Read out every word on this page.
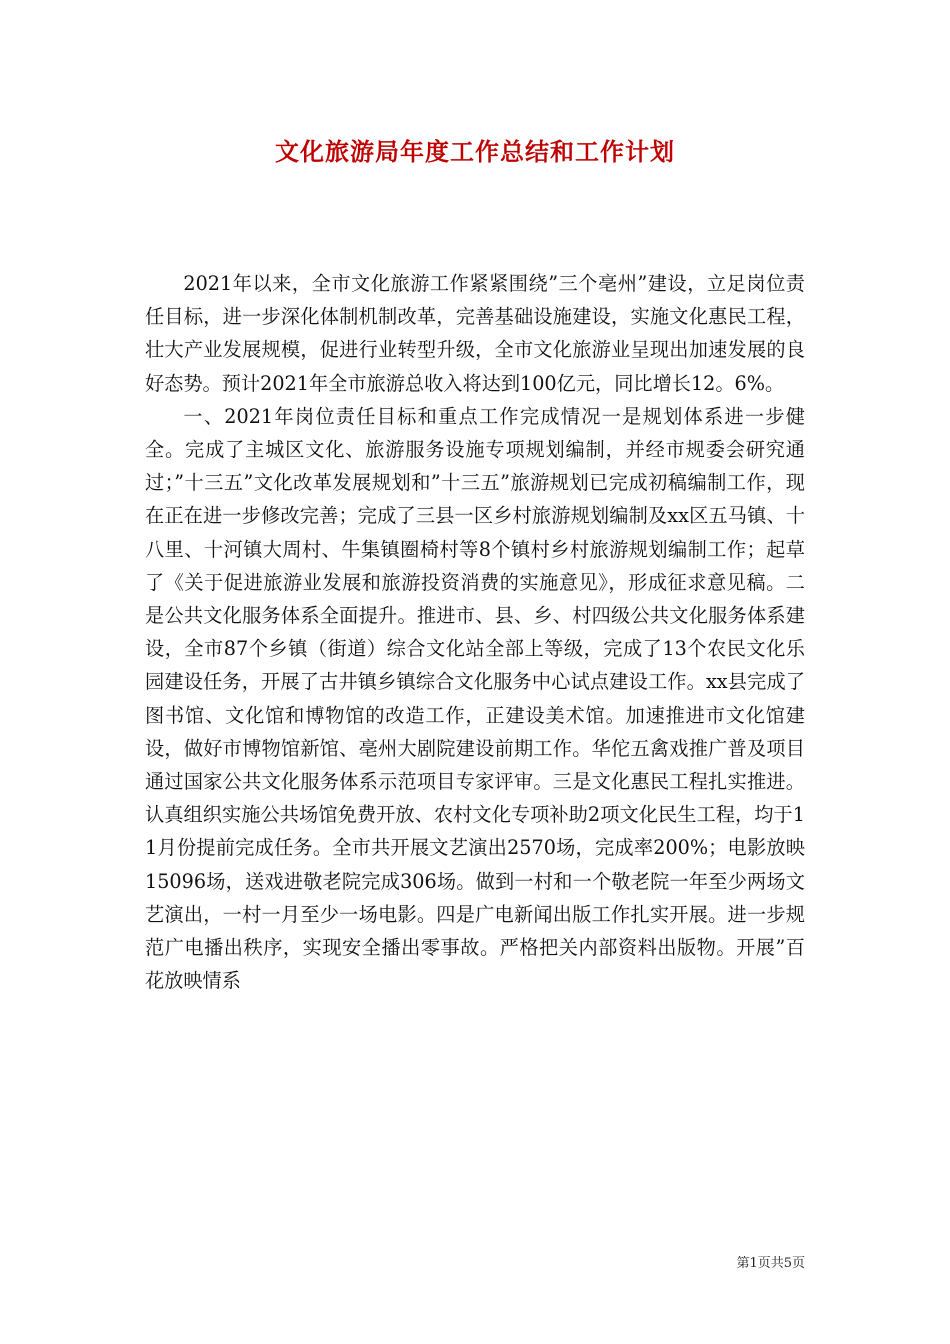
文化旅游局年度工作总结和工作计划

2021年以来，全市文化旅游工作紧紧围绕”三个亳州”建设，立足岗位责任目标，进一步深化体制机制改革，完善基础设施建设，实施文化惠民工程，壮大产业发展规模，促进行业转型升级，全市文化旅游业呈现出加速发展的良好态势。预计2021年全市旅游总收入将达到100亿元，同比增长12。6%。

一、2021年岗位责任目标和重点工作完成情况一是规划体系进一步健全。完成了主城区文化、旅游服务设施专项规划编制，并经市规委会研究通过；”十三五”文化改革发展规划和”十三五”旅游规划已完成初稿编制工作，现在正在进一步修改完善；完成了三县一区乡村旅游规划编制及xx区五马镇、十八里、十河镇大周村、牛集镇圈椅村等8个镇村乡村旅游规划编制工作；起草了《关于促进旅游业发展和旅游投资消费的实施意见》，形成征求意见稿。二是公共文化服务体系全面提升。推进市、县、乡、村四级公共文化服务体系建设，全市87个乡镇（街道）综合文化站全部上等级，完成了13个农民文化乐园建设任务，开展了古井镇乡镇综合文化服务中心试点建设工作。xx县完成了图书馆、文化馆和博物馆的改造工作，正建设美术馆。加速推进市文化馆建设，做好市博物馆新馆、亳州大剧院建设前期工作。华佗五禽戏推广普及项目通过国家公共文化服务体系示范项目专家评审。三是文化惠民工程扎实推进。认真组织实施公共场馆免费开放、农村文化专项补助2项文化民生工程，均于11月份提前完成任务。全市共开展文艺演出2570场，完成率200%；电影放映15096场，送戏进敬老院完成306场。做到一村和一个敬老院一年至少两场文艺演出，一村一月至少一场电影。四是广电新闻出版工作扎实开展。进一步规范广电播出秩序，实现安全播出零事故。严格把关内部资料出版物。开展”百花放映情系

第1页共5页
